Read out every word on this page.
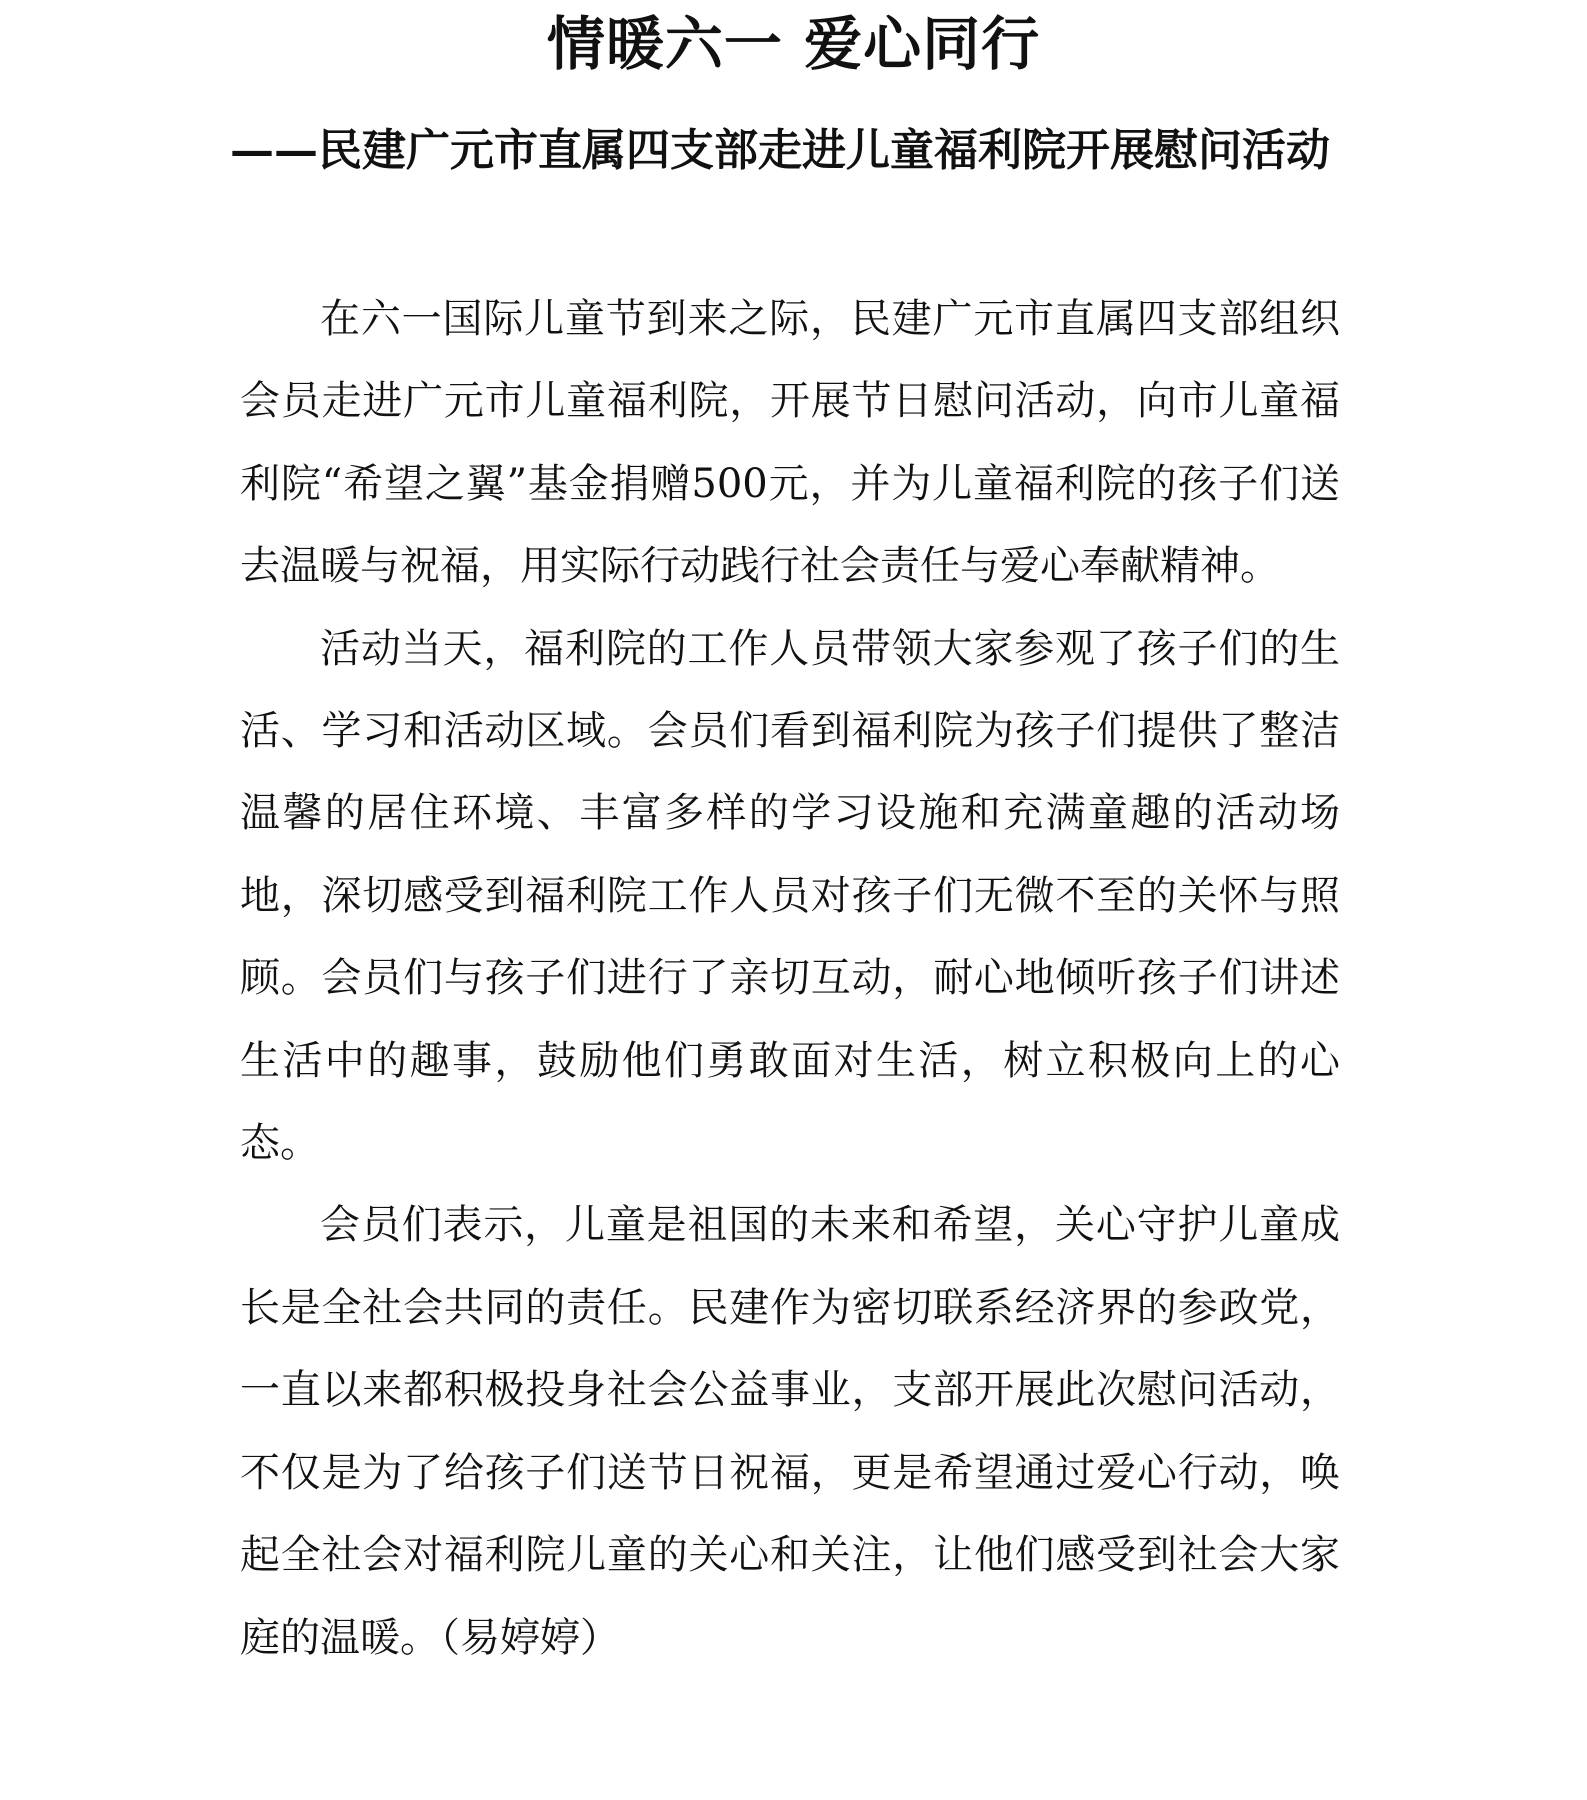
情暖六一 爱心同行
——民建广元市直属四支部走进儿童福利院开展慰问活动

在六一国际儿童节到来之际，民建广元市直属四支部组织会员走进广元市儿童福利院，开展节日慰问活动，向市儿童福利院“希望之翼”基金捐赠500元，并为儿童福利院的孩子们送去温暖与祝福，用实际行动践行社会责任与爱心奉献精神。

活动当天，福利院的工作人员带领大家参观了孩子们的生活、学习和活动区域。会员们看到福利院为孩子们提供了整洁温馨的居住环境、丰富多样的学习设施和充满童趣的活动场地，深切感受到福利院工作人员对孩子们无微不至的关怀与照顾。会员们与孩子们进行了亲切互动，耐心地倾听孩子们讲述生活中的趣事，鼓励他们勇敢面对生活，树立积极向上的心态。

会员们表示，儿童是祖国的未来和希望，关心守护儿童成长是全社会共同的责任。民建作为密切联系经济界的参政党，一直以来都积极投身社会公益事业，支部开展此次慰问活动，不仅是为了给孩子们送节日祝福，更是希望通过爱心行动，唤起全社会对福利院儿童的关心和关注，让他们感受到社会大家庭的温暖。（易婷婷）
